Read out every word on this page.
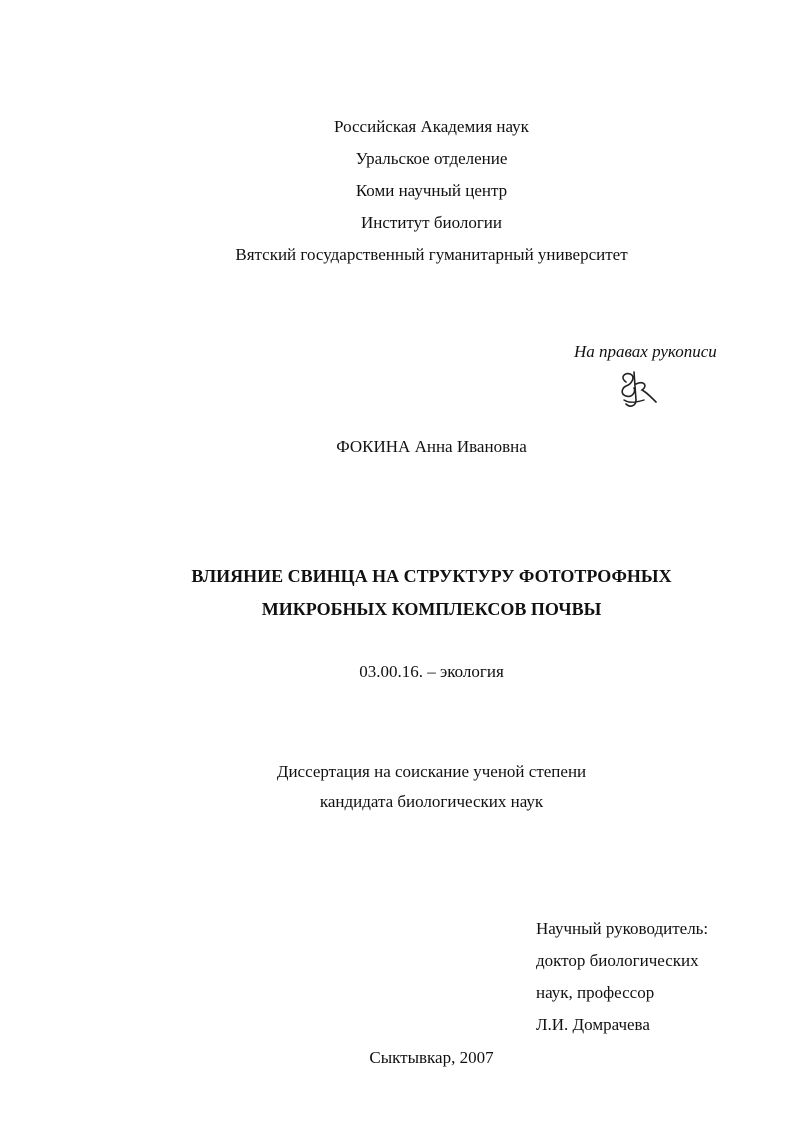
Российская Академия наук
Уральское отделение
Коми научный центр
Институт биологии
Вятский государственный гуманитарный университет
На правах рукописи
ФОКИНА Анна Ивановна
ВЛИЯНИЕ СВИНЦА НА СТРУКТУРУ ФОТОТРОФНЫХ
МИКРОБНЫХ КОМПЛЕКСОВ ПОЧВЫ
03.00.16. – экология
Диссертация на соискание ученой степени
кандидата биологических наук
Научный руководитель:
доктор биологических
наук, профессор
Л.И. Домрачева
Сыктывкар, 2007
